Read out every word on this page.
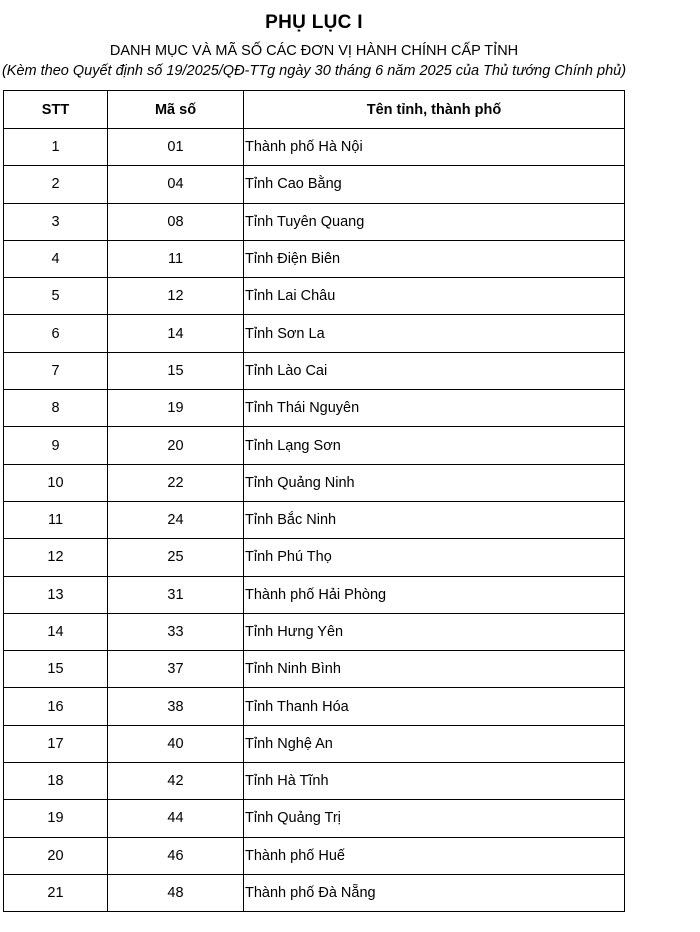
PHỤ LỤC I
DANH MỤC VÀ MÃ SỐ CÁC ĐƠN VỊ HÀNH CHÍNH CẤP TỈNH
(Kèm theo Quyết định số 19/2025/QĐ-TTg ngày 30 tháng 6 năm 2025 của Thủ tướng Chính phủ)
STT	Mã số	Tên tỉnh, thành phố
1	01	Thành phố Hà Nội
2	04	Tỉnh Cao Bằng
3	08	Tỉnh Tuyên Quang
4	11	Tỉnh Điện Biên
5	12	Tỉnh Lai Châu
6	14	Tỉnh Sơn La
7	15	Tỉnh Lào Cai
8	19	Tỉnh Thái Nguyên
9	20	Tỉnh Lạng Sơn
10	22	Tỉnh Quảng Ninh
11	24	Tỉnh Bắc Ninh
12	25	Tỉnh Phú Thọ
13	31	Thành phố Hải Phòng
14	33	Tỉnh Hưng Yên
15	37	Tỉnh Ninh Bình
16	38	Tỉnh Thanh Hóa
17	40	Tỉnh Nghệ An
18	42	Tỉnh Hà Tĩnh
19	44	Tỉnh Quảng Trị
20	46	Thành phố Huế
21	48	Thành phố Đà Nẵng
